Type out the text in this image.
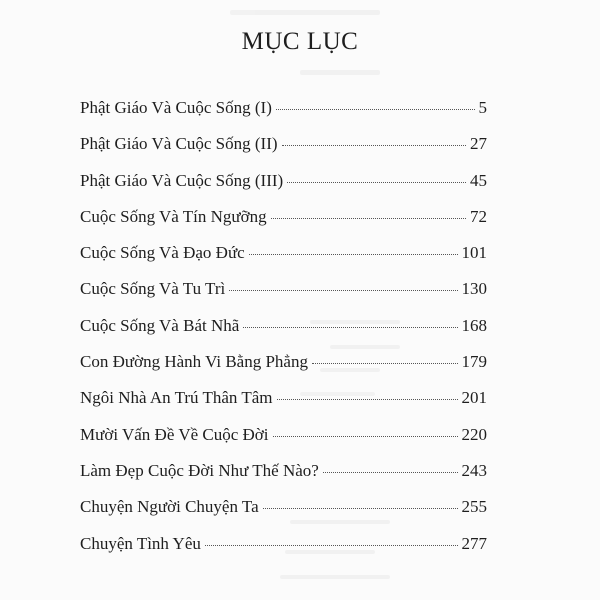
MỤC LỤC
Phật Giáo Và Cuộc Sống (I)	5
Phật Giáo Và Cuộc Sống (II)	27
Phật Giáo Và Cuộc Sống (III)	45
Cuộc Sống Và Tín Ngưỡng	72
Cuộc Sống Và Đạo Đức	101
Cuộc Sống Và Tu Trì	130
Cuộc Sống Và Bát Nhã	168
Con Đường Hành Vi Bằng Phẳng	179
Ngôi Nhà An Trú Thân Tâm	201
Mười Vấn Đề Về Cuộc Đời	220
Làm Đẹp Cuộc Đời Như Thế Nào?	243
Chuyện Người Chuyện Ta	255
Chuyện Tình Yêu	277
